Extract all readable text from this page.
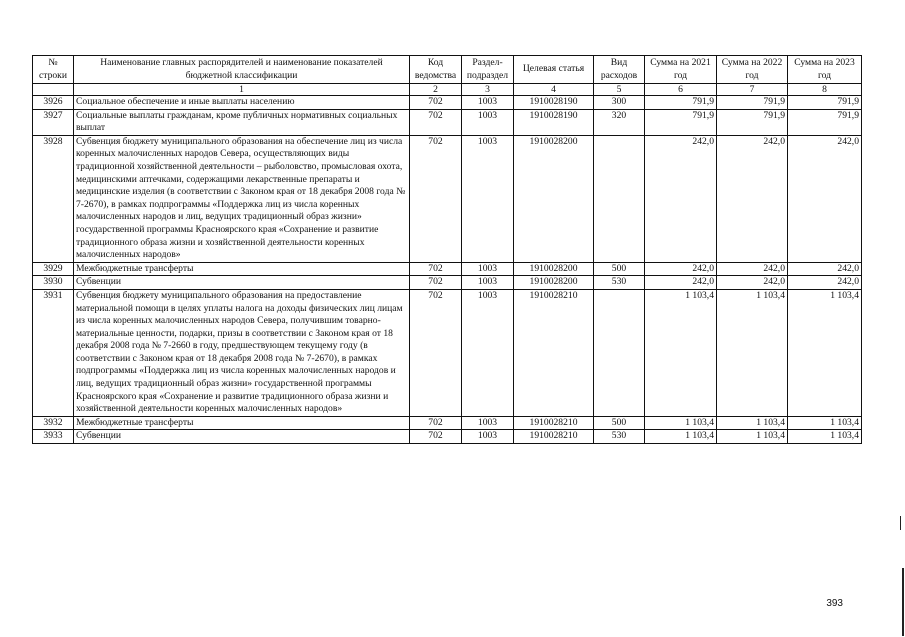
№ строки	Наименование главных распорядителей и наименование показателей бюджетной классификации	Код ведомства	Раздел-подраздел	Целевая статья	Вид расходов	Сумма на 2021 год	Сумма на 2022 год	Сумма на 2023 год
	1	2	3	4	5	6	7	8
3926	Социальное обеспечение и иные выплаты населению	702	1003	1910028190	300	791,9	791,9	791,9
3927	Социальные выплаты гражданам, кроме публичных нормативных социальных выплат	702	1003	1910028190	320	791,9	791,9	791,9
3928	Субвенция бюджету муниципального образования на обеспечение лиц из числа коренных малочисленных народов Севера, осуществляющих виды традиционной хозяйственной деятельности – рыболовство, промысловая охота, медицинскими аптечками, содержащими лекарственные препараты и медицинские изделия (в соответствии с Законом края от 18 декабря 2008 года № 7-2670), в рамках подпрограммы «Поддержка лиц из числа коренных малочисленных народов и лиц, ведущих традиционный образ жизни» государственной программы Красноярского края «Сохранение и развитие традиционного образа жизни и хозяйственной деятельности коренных малочисленных народов»	702	1003	1910028200		242,0	242,0	242,0
3929	Межбюджетные трансферты	702	1003	1910028200	500	242,0	242,0	242,0
3930	Субвенции	702	1003	1910028200	530	242,0	242,0	242,0
3931	Субвенция бюджету муниципального образования на предоставление материальной помощи в целях уплаты налога на доходы физических лиц лицам из числа коренных малочисленных народов Севера, получившим товарно-материальные ценности, подарки, призы в соответствии с Законом края от 18 декабря 2008 года № 7-2660 в году, предшествующем текущему году (в соответствии с Законом края от 18 декабря 2008 года № 7-2670), в рамках подпрограммы «Поддержка лиц из числа коренных малочисленных народов и лиц, ведущих традиционный образ жизни» государственной программы Красноярского края «Сохранение и развитие традиционного образа жизни и хозяйственной деятельности коренных малочисленных народов»	702	1003	1910028210		1 103,4	1 103,4	1 103,4
3932	Межбюджетные трансферты	702	1003	1910028210	500	1 103,4	1 103,4	1 103,4
3933	Субвенции	702	1003	1910028210	530	1 103,4	1 103,4	1 103,4
393
